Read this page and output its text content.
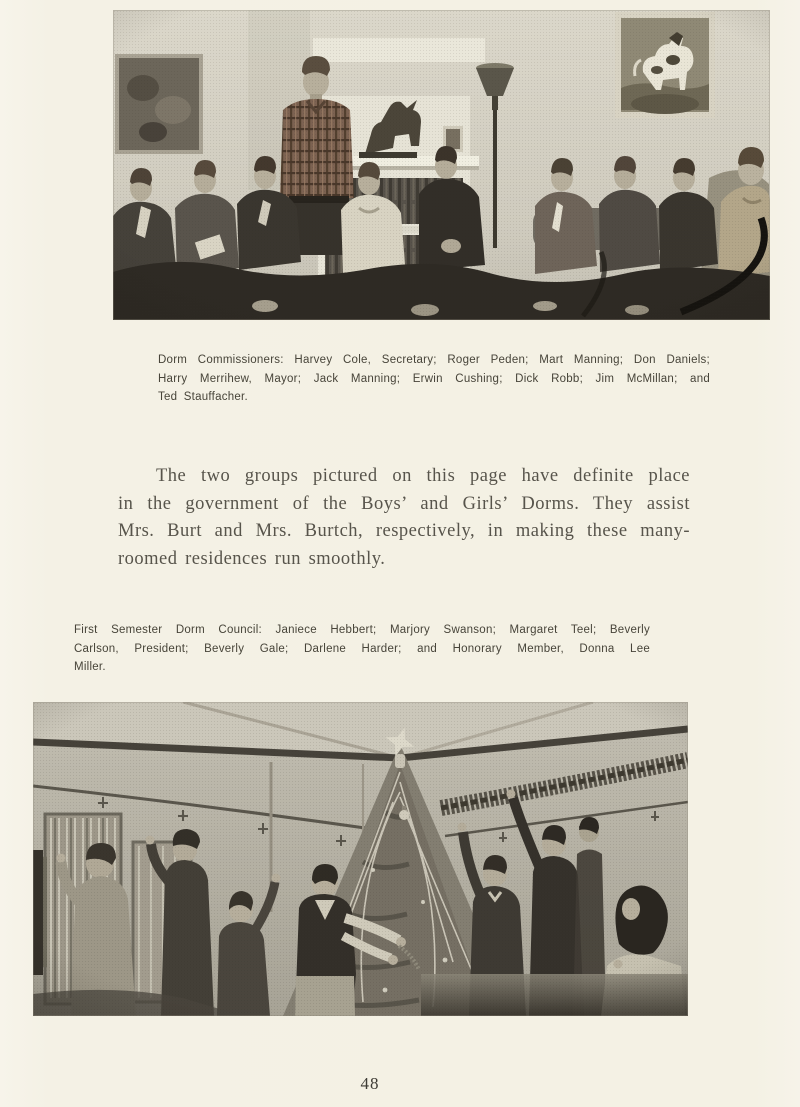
Dorm Commissioners: Harvey Cole, Secretary; Roger Peden; Mart Manning; Don Daniels;
Harry Merrihew, Mayor; Jack Manning; Erwin Cushing; Dick Robb; Jim McMillan; and
Ted Stauffacher.
The two groups pictured on this page have definite place
in the government of the Boys’ and Girls’ Dorms. They assist
Mrs. Burt and Mrs. Burtch, respectively, in making these many-
roomed residences run smoothly.
First Semester Dorm Council: Janiece Hebbert; Marjory Swanson; Margaret Teel; Beverly
Carlson, President; Beverly Gale; Darlene Harder; and Honorary Member, Donna Lee
Miller.
48
